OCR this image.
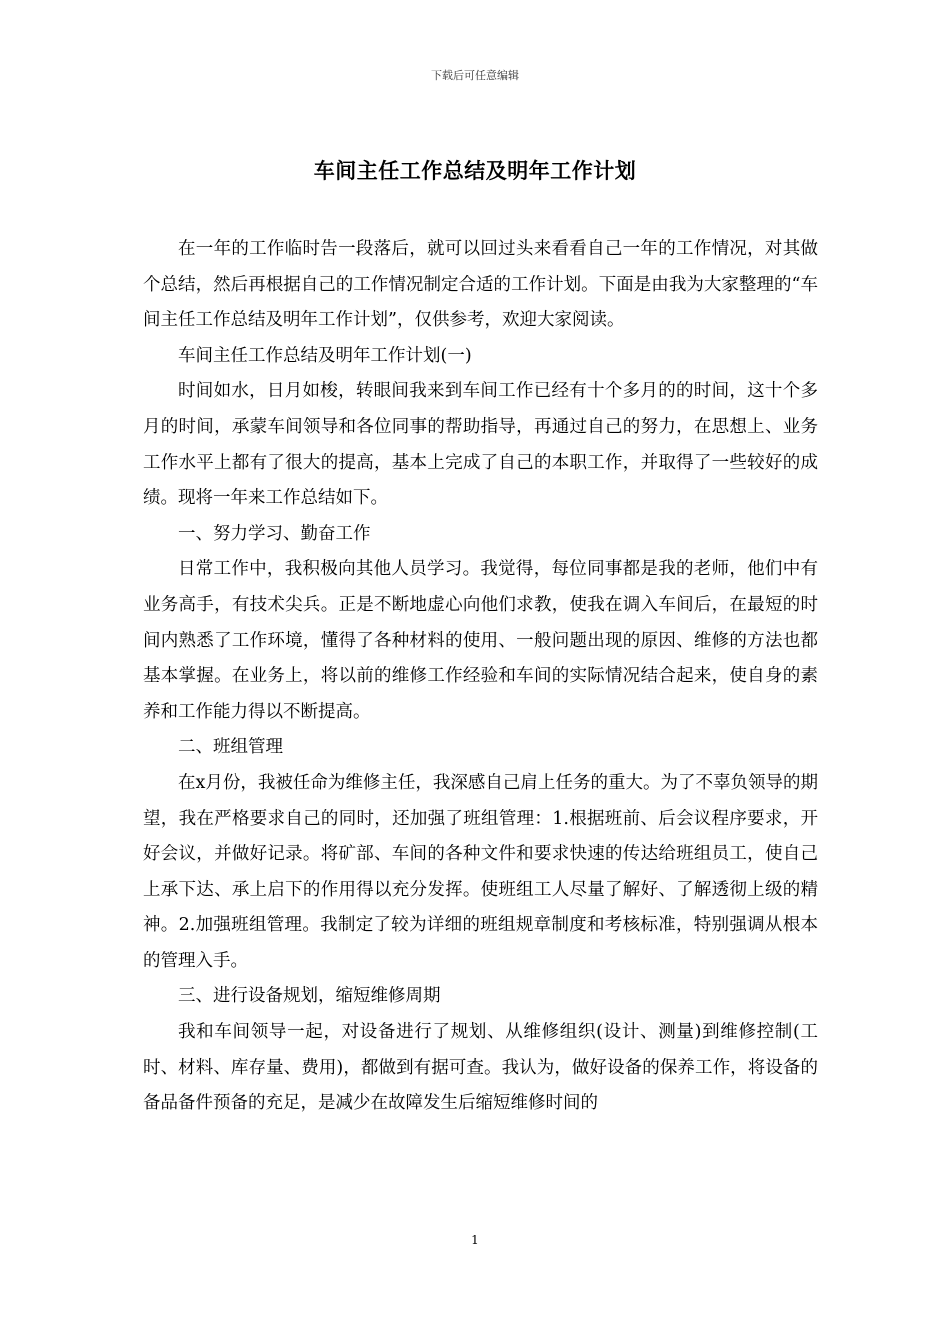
下载后可任意编辑
车间主任工作总结及明年工作计划

在一年的工作临时告一段落后，就可以回过头来看看自己一年的工作情况，对其做个总结，然后再根据自己的工作情况制定合适的工作计划。下面是由我为大家整理的“车间主任工作总结及明年工作计划”，仅供参考，欢迎大家阅读。

车间主任工作总结及明年工作计划(一)

时间如水，日月如梭，转眼间我来到车间工作已经有十个多月的的时间，这十个多月的时间，承蒙车间领导和各位同事的帮助指导，再通过自己的努力，在思想上、业务工作水平上都有了很大的提高，基本上完成了自己的本职工作，并取得了一些较好的成绩。现将一年来工作总结如下。

一、努力学习、勤奋工作

日常工作中，我积极向其他人员学习。我觉得，每位同事都是我的老师，他们中有业务高手，有技术尖兵。正是不断地虚心向他们求教，使我在调入车间后，在最短的时间内熟悉了工作环境，懂得了各种材料的使用、一般问题出现的原因、维修的方法也都基本掌握。在业务上，将以前的维修工作经验和车间的实际情况结合起来，使自身的素养和工作能力得以不断提高。

二、班组管理

在x月份，我被任命为维修主任，我深感自己肩上任务的重大。为了不辜负领导的期望，我在严格要求自己的同时，还加强了班组管理：1.根据班前、后会议程序要求，开好会议，并做好记录。将矿部、车间的各种文件和要求快速的传达给班组员工，使自己上承下达、承上启下的作用得以充分发挥。使班组工人尽量了解好、了解透彻上级的精神。2.加强班组管理。我制定了较为详细的班组规章制度和考核标准，特别强调从根本的管理入手。

三、进行设备规划，缩短维修周期

我和车间领导一起，对设备进行了规划、从维修组织(设计、测量)到维修控制(工时、材料、库存量、费用)，都做到有据可查。我认为，做好设备的保养工作，将设备的备品备件预备的充足，是减少在故障发生后缩短维修时间的

1
